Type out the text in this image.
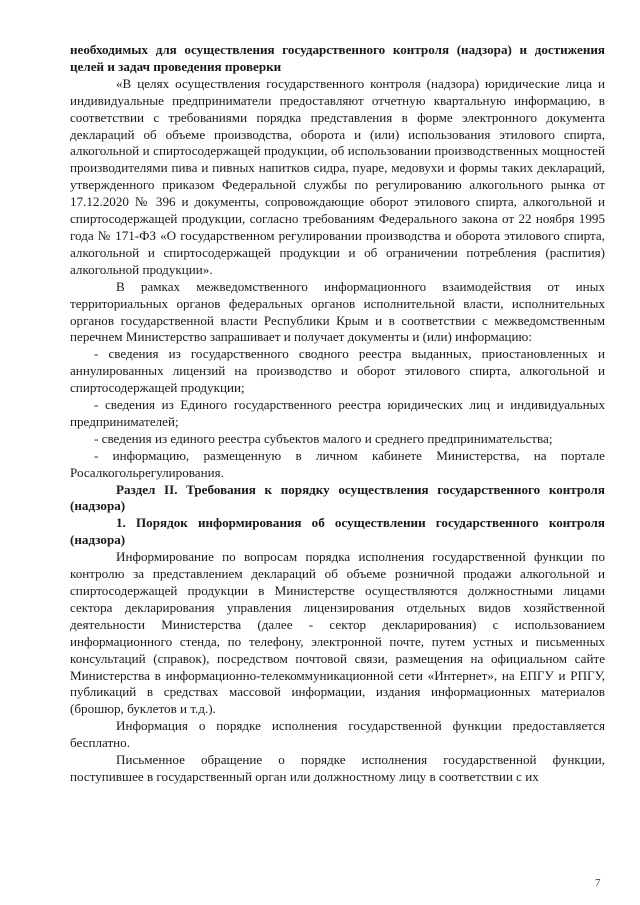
необходимых для осуществления государственного контроля (надзора) и достижения целей и задач проведения проверки

«В целях осуществления государственного контроля (надзора) юридические лица и индивидуальные предприниматели предоставляют отчетную квартальную информацию, в соответствии с требованиями порядка представления в форме электронного документа деклараций об объеме производства, оборота и (или) использования этилового спирта, алкогольной и спиртосодержащей продукции, об использовании производственных мощностей производителями пива и пивных напитков сидра, пуаре, медовухи и формы таких деклараций, утвержденного приказом Федеральной службы по регулированию алкогольного рынка от 17.12.2020 № 396 и документы, сопровождающие оборот этилового спирта, алкогольной и спиртосодержащей продукции, согласно требованиям Федерального закона от 22 ноября 1995 года № 171-ФЗ «О государственном регулировании производства и оборота этилового спирта, алкогольной и спиртосодержащей продукции и об ограничении потребления (распития) алкогольной продукции».

В рамках межведомственного информационного взаимодействия от иных территориальных органов федеральных органов исполнительной власти, исполнительных органов государственной власти Республики Крым и в соответствии с межведомственным перечнем Министерство запрашивает и получает документы и (или) информацию:

- сведения из государственного сводного реестра выданных, приостановленных и аннулированных лицензий на производство и оборот этилового спирта, алкогольной и спиртосодержащей продукции;

- сведения из Единого государственного реестра юридических лиц и индивидуальных предпринимателей;

- сведения из единого реестра субъектов малого и среднего предпринимательства;

- информацию, размещенную в личном кабинете Министерства, на портале Росалкогольрегулирования.

Раздел II. Требования к порядку осуществления государственного контроля (надзора)

1. Порядок информирования об осуществлении государственного контроля (надзора)

Информирование по вопросам порядка исполнения государственной функции по контролю за представлением деклараций об объеме розничной продажи алкогольной и спиртосодержащей продукции в Министерстве осуществляются должностными лицами сектора декларирования управления лицензирования отдельных видов хозяйственной деятельности Министерства (далее - сектор декларирования) с использованием информационного стенда, по телефону, электронной почте, путем устных и письменных консультаций (справок), посредством почтовой связи, размещения на официальном сайте Министерства в информационно-телекоммуникационной сети «Интернет», на ЕПГУ и РПГУ, публикаций в средствах массовой информации, издания информационных материалов (брошюр, буклетов и т.д.).

Информация о порядке исполнения государственной функции предоставляется бесплатно.

Письменное обращение о порядке исполнения государственной функции, поступившее в государственный орган или должностному лицу в соответствии с их

7
